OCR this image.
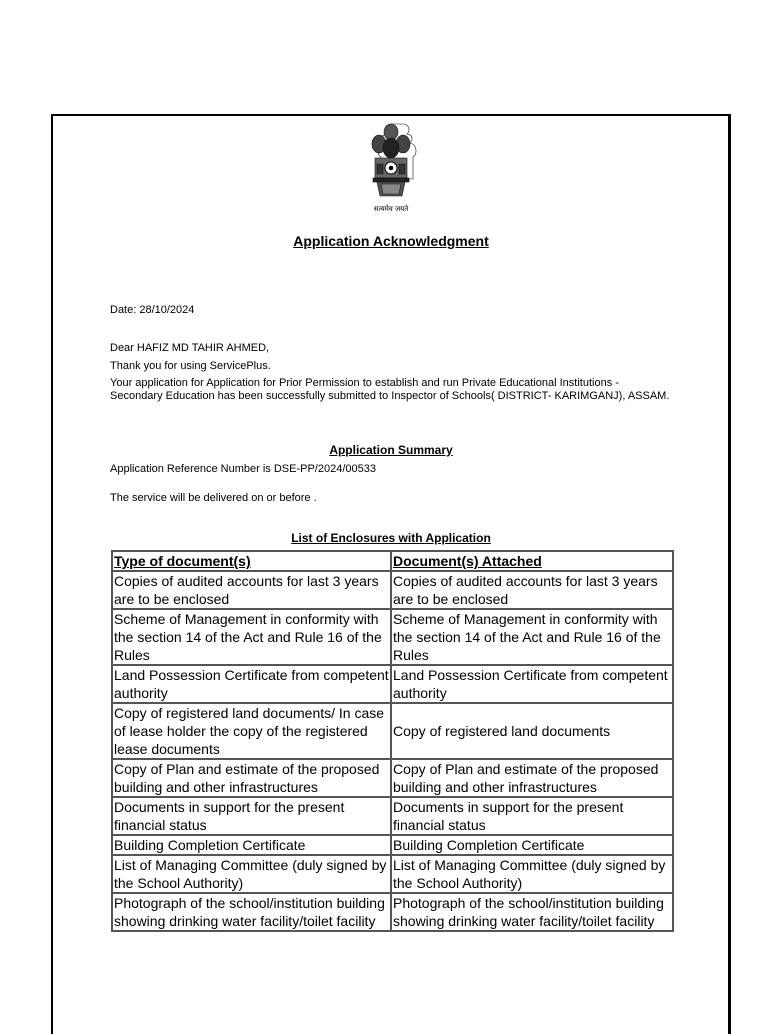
सत्यमेव जयते
Application Acknowledgment
Date: 28/10/2024
Dear HAFIZ MD TAHIR AHMED,
Thank you for using ServicePlus.
Your application for Application for Prior Permission to establish and run Private Educational Institutions - Secondary Education has been successfully submitted to Inspector of Schools( DISTRICT- KARIMGANJ), ASSAM.
Application Summary
Application Reference Number is DSE-PP/2024/00533
The service will be delivered on or before .
List of Enclosures with Application
Type of document(s)	Document(s) Attached
Copies of audited accounts for last 3 years are to be enclosed	Copies of audited accounts for last 3 years are to be enclosed
Scheme of Management in conformity with the section 14 of the Act and Rule 16 of the Rules	Scheme of Management in conformity with the section 14 of the Act and Rule 16 of the Rules
Land Possession Certificate from competent authority	Land Possession Certificate from competent authority
Copy of registered land documents/ In case of lease holder the copy of the registered lease documents	Copy of registered land documents
Copy of Plan and estimate of the proposed building and other infrastructures	Copy of Plan and estimate of the proposed building and other infrastructures
Documents in support for the present financial status	Documents in support for the present financial status
Building Completion Certificate	Building Completion Certificate
List of Managing Committee (duly signed by the School Authority)	List of Managing Committee (duly signed by the School Authority)
Photograph of the school/institution building showing drinking water facility/toilet facility	Photograph of the school/institution building showing drinking water facility/toilet facility
